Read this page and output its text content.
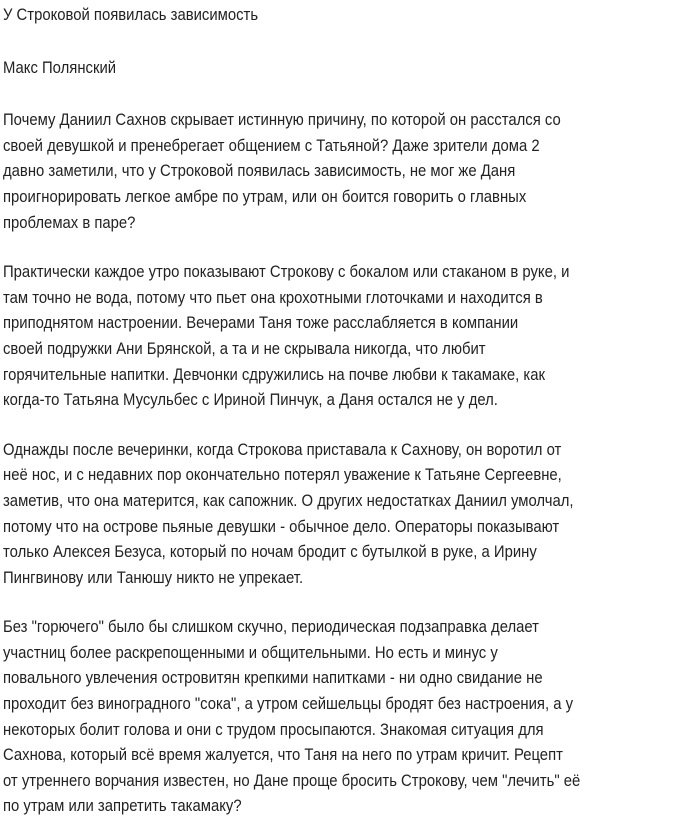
У Строковой появилась зависимость
Макс Полянский
Почему Даниил Сахнов скрывает истинную причину, по которой он расстался со
своей девушкой и пренебрегает общением с Татьяной? Даже зрители дома 2
давно заметили, что у Строковой появилась зависимость, не мог же Даня
проигнорировать легкое амбре по утрам, или он боится говорить о главных
проблемах в паре?
Практически каждое утро показывают Строкову с бокалом или стаканом в руке, и
там точно не вода, потому что пьет она крохотными глоточками и находится в
приподнятом настроении. Вечерами Таня тоже расслабляется в компании
своей подружки Ани Брянской, а та и не скрывала никогда, что любит
горячительные напитки. Девчонки сдружились на почве любви к такамаке, как
когда-то Татьяна Мусульбес с Ириной Пинчук, а Даня остался не у дел.
Однажды после вечеринки, когда Строкова приставала к Сахнову, он воротил от
неё нос, и с недавних пор окончательно потерял уважение к Татьяне Сергеевне,
заметив, что она матерится, как сапожник. О других недостатках Даниил умолчал,
потому что на острове пьяные девушки - обычное дело. Операторы показывают
только Алексея Безуса, который по ночам бродит с бутылкой в руке, а Ирину
Пингвинову или Танюшу никто не упрекает.
Без "горючего" было бы слишком скучно, периодическая подзаправка делает
участниц более раскрепощенными и общительными. Но есть и минус у
повального увлечения островитян крепкими напитками - ни одно свидание не
проходит без виноградного "сока", а утром сейшельцы бродят без настроения, а у
некоторых болит голова и они с трудом просыпаются. Знакомая ситуация для
Сахнова, который всё время жалуется, что Таня на него по утрам кричит. Рецепт
от утреннего ворчания известен, но Дане проще бросить Строкову, чем "лечить" её
по утрам или запретить такамаку?
